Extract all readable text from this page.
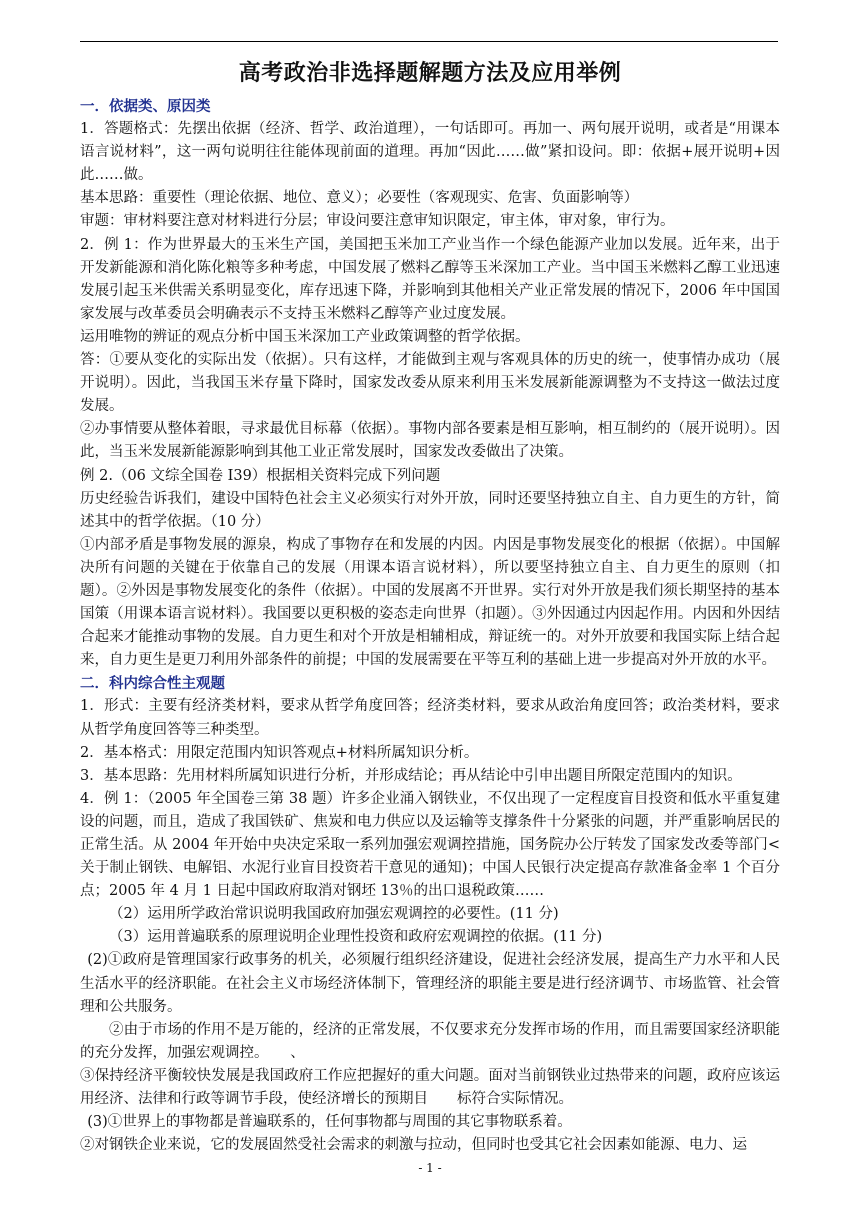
高考政治非选择题解题方法及应用举例

一．依据类、原因类

1．答题格式：先摆出依据（经济、哲学、政治道理），一句话即可。再加一、两句展开说明，或者是“用课本语言说材料”，这一两句说明往往能体现前面的道理。再加“因此……做”紧扣设问。即：依据+展开说明+因此……做。

基本思路：重要性（理论依据、地位、意义）；必要性（客观现实、危害、负面影响等）

审题：审材料要注意对材料进行分层；审设问要注意审知识限定，审主体，审对象，审行为。

2．例 1：作为世界最大的玉米生产国，美国把玉米加工产业当作一个绿色能源产业加以发展。近年来，出于开发新能源和消化陈化粮等多种考虑，中国发展了燃料乙醇等玉米深加工产业。当中国玉米燃料乙醇工业迅速发展引起玉米供需关系明显变化，库存迅速下降，并影响到其他相关产业正常发展的情况下，2006 年中国国家发展与改革委员会明确表示不支持玉米燃料乙醇等产业过度发展。

运用唯物的辨证的观点分析中国玉米深加工产业政策调整的哲学依据。

答：①要从变化的实际出发（依据）。只有这样，才能做到主观与客观具体的历史的统一，使事情办成功（展开说明）。因此，当我国玉米存量下降时，国家发改委从原来利用玉米发展新能源调整为不支持这一做法过度发展。

②办事情要从整体着眼，寻求最优目标幕（依据）。事物内部各要素是相互影响，相互制约的（展开说明）。因此，当玉米发展新能源影响到其他工业正常发展时，国家发改委做出了决策。

例 2.（06 文综全国卷 I39）根据相关资料完成下列问题

历史经验告诉我们，建设中国特色社会主义必须实行对外开放，同时还要坚持独立自主、自力更生的方针，简述其中的哲学依据。（10 分）

①内部矛盾是事物发展的源泉，构成了事物存在和发展的内因。内因是事物发展变化的根据（依据）。中国解决所有问题的关键在于依靠自己的发展（用课本语言说材料），所以要坚持独立自主、自力更生的原则（扣题）。②外因是事物发展变化的条件（依据）。中国的发展离不开世界。实行对外开放是我们须长期坚持的基本国策（用课本语言说材料）。我国要以更积极的姿态走向世界（扣题）。③外因通过内因起作用。内因和外因结合起来才能推动事物的发展。自力更生和对个开放是相辅相成，辩证统一的。对外开放要和我国实际上结合起来，自力更生是更刀利用外部条件的前提；中国的发展需要在平等互利的基础上进一步提高对外开放的水平。

二．科内综合性主观题

1．形式：主要有经济类材料，要求从哲学角度回答；经济类材料，要求从政治角度回答；政治类材料，要求从哲学角度回答等三种类型。

2．基本格式：用限定范围内知识答观点+材料所属知识分析。

3．基本思路：先用材料所属知识进行分析，并形成结论；再从结论中引申出题目所限定范围内的知识。

4．例 1：（2005 年全国卷三第 38 题）许多企业涌入钢铁业，不仅出现了一定程度盲目投资和低水平重复建设的问题，而且，造成了我国铁矿、焦炭和电力供应以及运输等支撑条件十分紧张的问题，并严重影响居民的正常生活。从 2004 年开始中央决定采取一系列加强宏观调控措施，国务院办公厅转发了国家发改委等部门<关于制止钢铁、电解铝、水泥行业盲目投资若干意见的通知)；中国人民银行决定提高存款准备金率 1 个百分点；2005 年 4 月 1 日起中国政府取消对钢坯 13％的出口退税政策……

（2）运用所学政治常识说明我国政府加强宏观调控的必要性。(11 分)

（3）运用普遍联系的原理说明企业理性投资和政府宏观调控的依据。(11 分)

(2)①政府是管理国家行政事务的机关，必须履行组织经济建设，促进社会经济发展，提高生产力水平和人民生活水平的经济职能。在社会主义市场经济体制下，管理经济的职能主要是进行经济调节、市场监管、社会管理和公共服务。

②由于市场的作用不是万能的，经济的正常发展，不仅要求充分发挥市场的作用，而且需要国家经济职能的充分发挥，加强宏观调控。　　、

③保持经济平衡较快发展是我国政府工作应把握好的重大问题。面对当前钢铁业过热带来的问题，政府应该运用经济、法律和行政等调节手段，使经济增长的预期目　　标符合实际情况。

(3)①世界上的事物都是普遍联系的，任何事物都与周围的其它事物联系着。

②对钢铁企业来说，它的发展固然受社会需求的刺激与拉动，但同时也受其它社会因素如能源、电力、运

- 1 -
